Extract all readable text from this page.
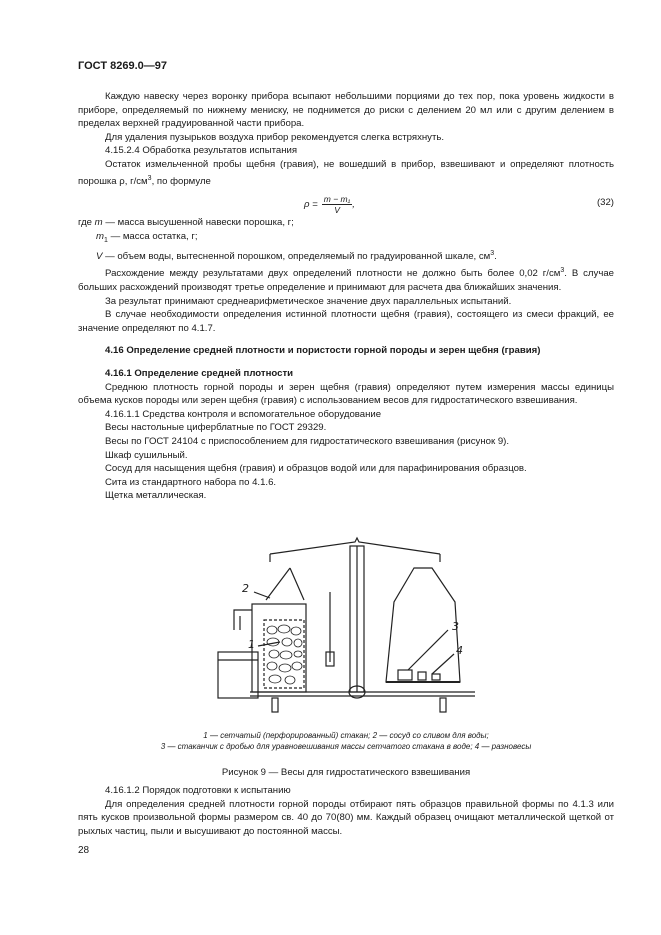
ГОСТ 8269.0—97

Каждую навеску через воронку прибора всыпают небольшими порциями до тех пор, пока уровень жидкости в приборе, определяемый по нижнему мениску, не поднимется до риски с делением 20 мл или с другим делением в пределах верхней градуированной части прибора.

Для удаления пузырьков воздуха прибор рекомендуется слегка встряхнуть.

4.15.2.4 Обработка результатов испытания

Остаток измельченной пробы щебня (гравия), не вошедший в прибор, взвешивают и определяют плотность порошка ρ, $г/см^3$, по формуле

$\rho = \frac{\text{m − m₁}}{V}$ ,	(32)

где m — масса высушенной навески порошка, г;

$m_1$ — масса остатка, г;

V — объем воды, вытесненной порошком, определяемый по градуированной шкале, $см^3$.

Расхождение между результатами двух определений плотности не должно быть более 0,02 $г/см^3$. В случае больших расхождений производят третье определение и принимают для расчета два ближайших значения.

За результат принимают среднеарифметическое значение двух параллельных испытаний.

В случае необходимости определения истинной плотности щебня (гравия), состоящего из смеси фракций, ее значение определяют по 4.1.7.

4.16 Определение средней плотности и пористости горной породы и зерен щебня (гравия)

4.16.1 Определение средней плотности

Среднюю плотность горной породы и зерен щебня (гравия) определяют путем измерения массы единицы объема кусков породы или зерен щебня (гравия) с использованием весов для гидростатического взвешивания.

4.16.1.1 Средства контроля и вспомогательное оборудование

Весы настольные циферблатные по ГОСТ 29329.

Весы по ГОСТ 24104 с приспособлением для гидростатического взвешивания (рисунок 9).

Шкаф сушильный.

Сосуд для насыщения щебня (гравия) и образцов водой или для парафинирования образцов.

Сита из стандартного набора по 4.1.6.

Щетка металлическая.

2
1
3
4
1 — сетчатый (перфорированный) стакан; 2 — сосуд со сливом для воды;
3 — стаканчик с дробью для уравновешивания массы сетчатого стакана в воде; 4 — разновесы
Рисунок 9 — Весы для гидростатического взвешивания

4.16.1.2 Порядок подготовки к испытанию

Для определения средней плотности горной породы отбирают пять образцов правильной формы по 4.1.3 или пять кусков произвольной формы размером св. 40 до 70(80) мм. Каждый образец очищают металлической щеткой от рыхлых частиц, пыли и высушивают до постоянной массы.

28
